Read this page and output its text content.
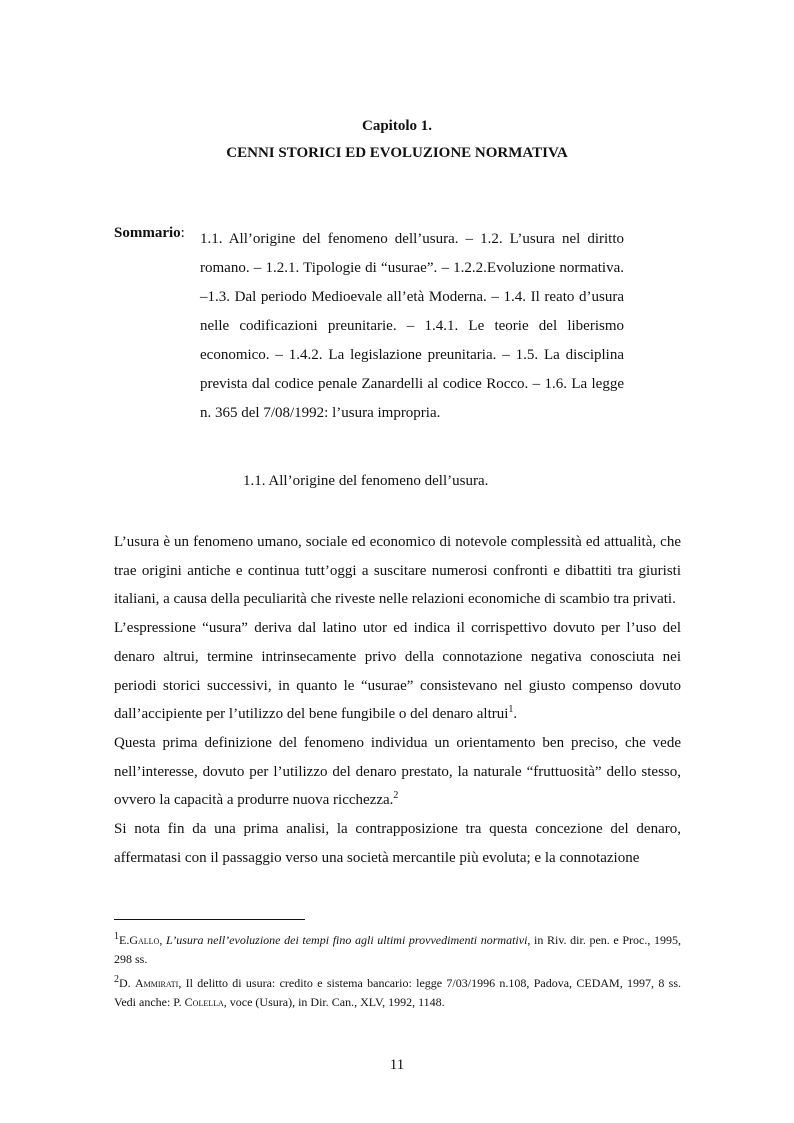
Capitolo 1.
CENNI STORICI ED EVOLUZIONE NORMATIVA
Sommario: 1.1. All’origine del fenomeno dell’usura. – 1.2. L’usura nel diritto romano. – 1.2.1. Tipologie di “usurae”. – 1.2.2.Evoluzione normativa. –1.3. Dal periodo Medioevale all’età Moderna. – 1.4. Il reato d’usura nelle codificazioni preunitarie. – 1.4.1. Le teorie del liberismo economico. – 1.4.2. La legislazione preunitaria. – 1.5. La disciplina prevista dal codice penale Zanardelli al codice Rocco. – 1.6. La legge n. 365 del 7/08/1992: l’usura impropria.
1.1. All’origine del fenomeno dell’usura.

L’usura è un fenomeno umano, sociale ed economico di notevole complessità ed attualità, che trae origini antiche e continua tutt’oggi a suscitare numerosi confronti e dibattiti tra giuristi italiani, a causa della peculiarità che riveste nelle relazioni economiche di scambio tra privati.

L’espressione “usura” deriva dal latino utor ed indica il corrispettivo dovuto per l’uso del denaro altrui, termine intrinsecamente privo della connotazione negativa conosciuta nei periodi storici successivi, in quanto le “usurae” consistevano nel giusto compenso dovuto dall’accipiente per l’utilizzo del bene fungibile o del denaro altrui$^1$.

Questa prima definizione del fenomeno individua un orientamento ben preciso, che vede nell’interesse, dovuto per l’utilizzo del denaro prestato, la naturale “fruttuosità” dello stesso, ovvero la capacità a produrre nuova ricchezza.$^2$

Si nota fin da una prima analisi, la contrapposizione tra questa concezione del denaro, affermatasi con il passaggio verso una società mercantile più evoluta; e la connotazione

$^1$E.Gallo, L’usura nell’evoluzione dei tempi fino agli ultimi provvedimenti normativi, in Riv. dir. pen. e Proc., 1995, 298 ss.

$^2$D. Ammirati, Il delitto di usura: credito e sistema bancario: legge 7/03/1996 n.108, Padova, CEDAM, 1997, 8 ss. Vedi anche: P. Colella, voce (Usura), in Dir. Can., XLV, 1992, 1148.

11
